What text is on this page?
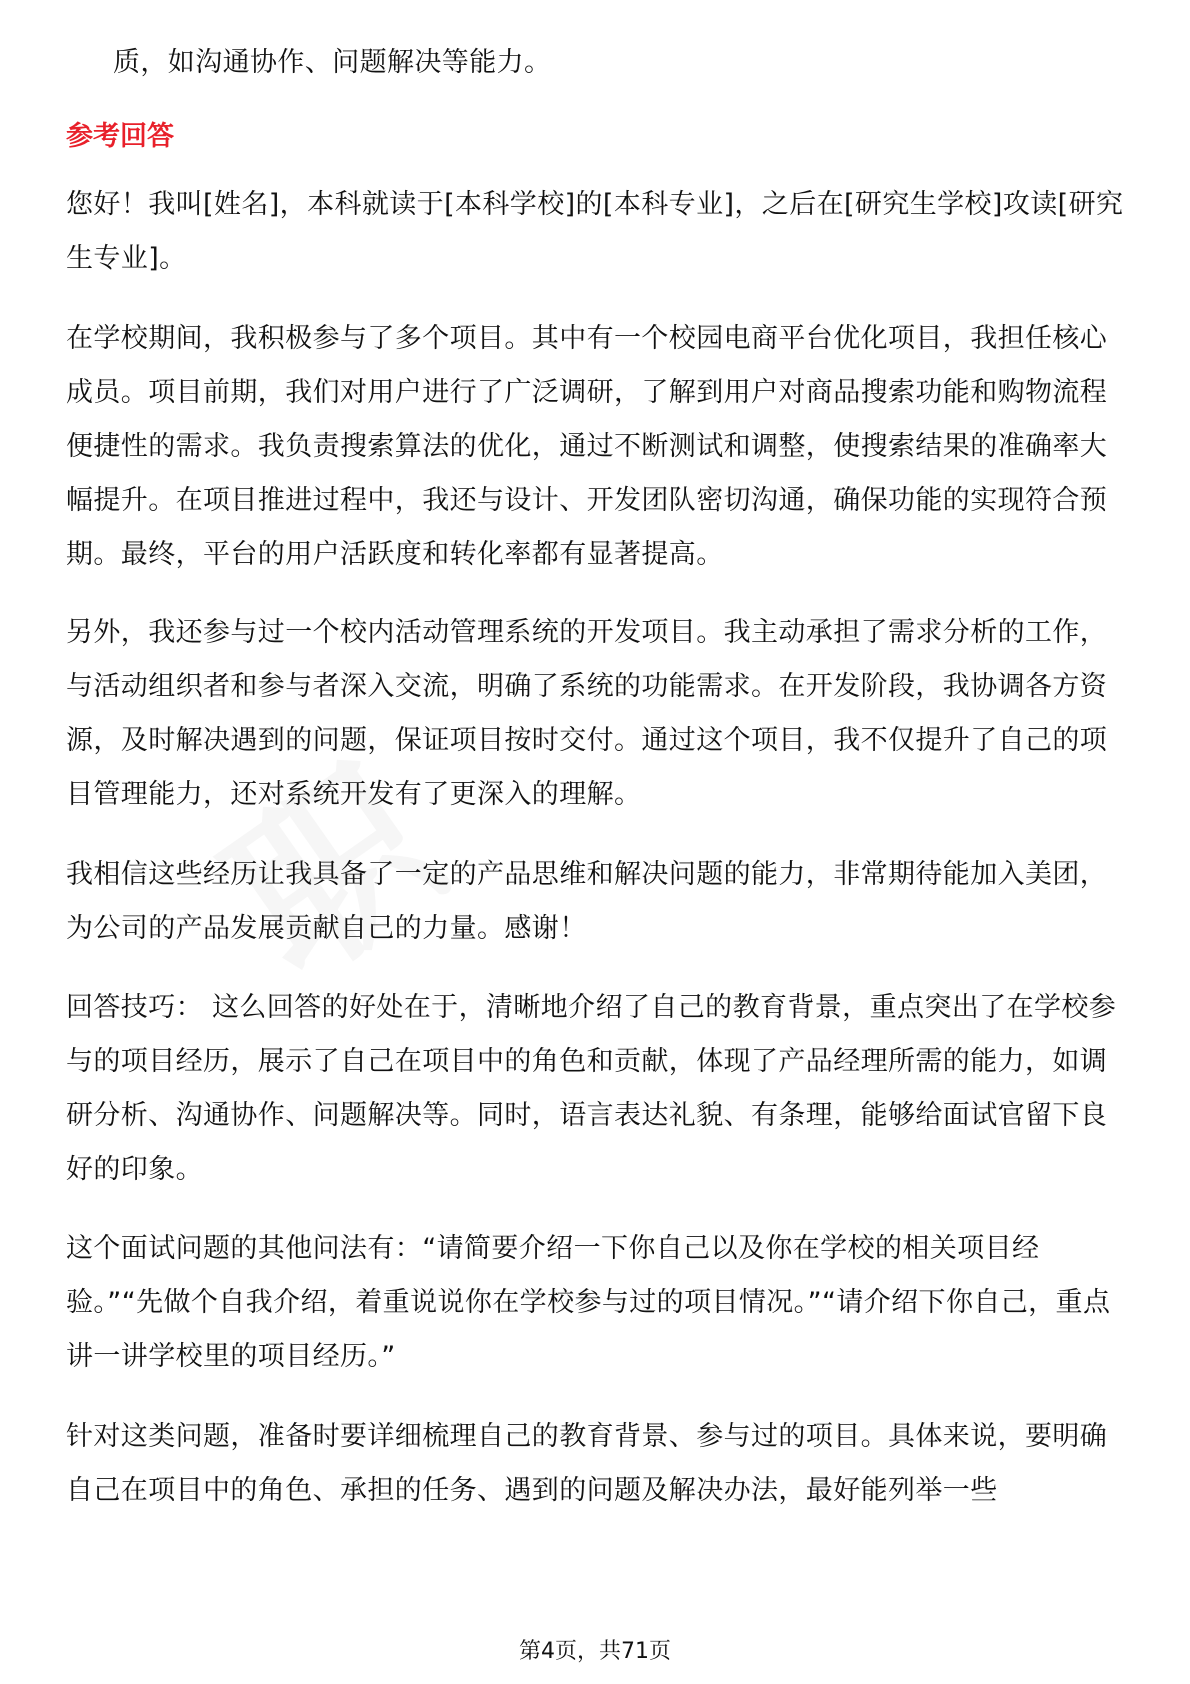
质，如沟通协作、问题解决等能力。

参考回答

您好！我叫[姓名]，本科就读于[本科学校]的[本科专业]，之后在[研究生学校]攻读[研究生专业]。

在学校期间，我积极参与了多个项目。其中有一个校园电商平台优化项目，我担任核心成员。项目前期，我们对用户进行了广泛调研，了解到用户对商品搜索功能和购物流程便捷性的需求。我负责搜索算法的优化，通过不断测试和调整，使搜索结果的准确率大幅提升。在项目推进过程中，我还与设计、开发团队密切沟通，确保功能的实现符合预期。最终，平台的用户活跃度和转化率都有显著提高。

另外，我还参与过一个校内活动管理系统的开发项目。我主动承担了需求分析的工作，与活动组织者和参与者深入交流，明确了系统的功能需求。在开发阶段，我协调各方资源，及时解决遇到的问题，保证项目按时交付。通过这个项目，我不仅提升了自己的项目管理能力，还对系统开发有了更深入的理解。

我相信这些经历让我具备了一定的产品思维和解决问题的能力，非常期待能加入美团，为公司的产品发展贡献自己的力量。感谢！

回答技巧： 这么回答的好处在于，清晰地介绍了自己的教育背景，重点突出了在学校参与的项目经历，展示了自己在项目中的角色和贡献，体现了产品经理所需的能力，如调研分析、沟通协作、问题解决等。同时，语言表达礼貌、有条理，能够给面试官留下良好的印象。

这个面试问题的其他问法有：“请简要介绍一下你自己以及你在学校的相关项目经验。”“先做个自我介绍，着重说说你在学校参与过的项目情况。”“请介绍下你自己，重点讲一讲学校里的项目经历。”

针对这类问题，准备时要详细梳理自己的教育背景、参与过的项目。具体来说，要明确自己在项目中的角色、承担的任务、遇到的问题及解决办法，最好能列举一些

第4页，共71页
